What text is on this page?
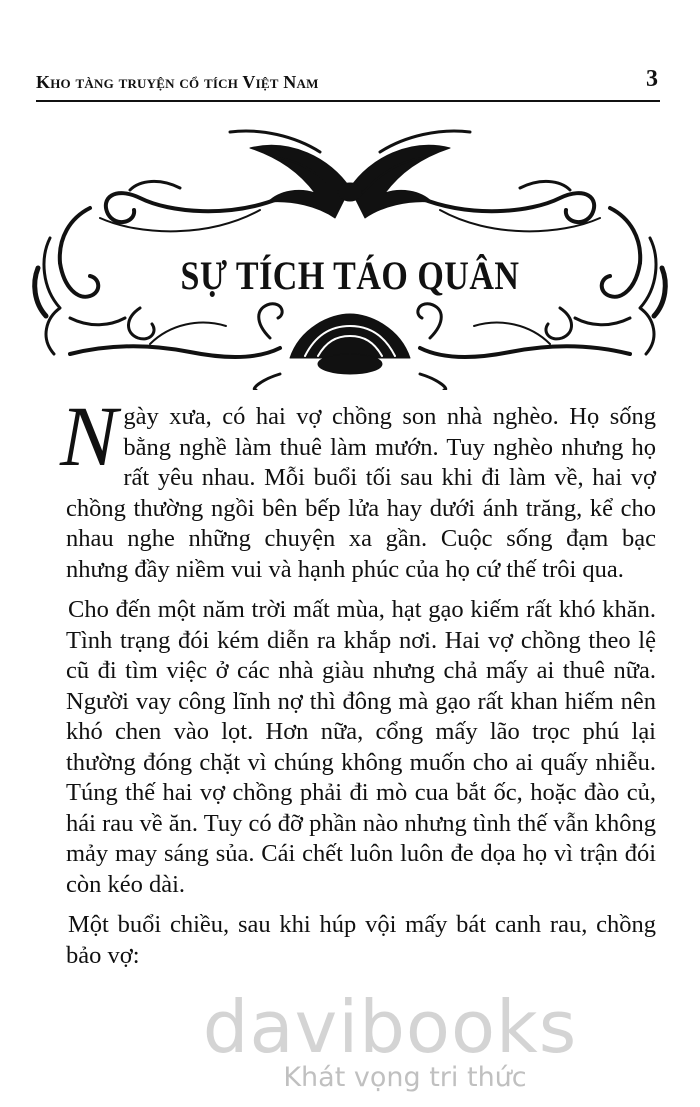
Kho tàng truyện cổ tích Việt Nam	3
SỰ TÍCH TÁO QUÂN

Ngày xưa, có hai vợ chồng son nhà nghèo. Họ sống bằng nghề làm thuê làm mướn. Tuy nghèo nhưng họ rất yêu nhau. Mỗi buổi tối sau khi đi làm về, hai vợ chồng thường ngồi bên bếp lửa hay dưới ánh trăng, kể cho nhau nghe những chuyện xa gần. Cuộc sống đạm bạc nhưng đầy niềm vui và hạnh phúc của họ cứ thế trôi qua.

Cho đến một năm trời mất mùa, hạt gạo kiếm rất khó khăn. Tình trạng đói kém diễn ra khắp nơi. Hai vợ chồng theo lệ cũ đi tìm việc ở các nhà giàu nhưng chả mấy ai thuê nữa. Người vay công lĩnh nợ thì đông mà gạo rất khan hiếm nên khó chen vào lọt. Hơn nữa, cổng mấy lão trọc phú lại thường đóng chặt vì chúng không muốn cho ai quấy nhiễu. Túng thế hai vợ chồng phải đi mò cua bắt ốc, hoặc đào củ, hái rau về ăn. Tuy có đỡ phần nào nhưng tình thế vẫn không mảy may sáng sủa. Cái chết luôn luôn đe dọa họ vì trận đói còn kéo dài.

Một buổi chiều, sau khi húp vội mấy bát canh rau, chồng bảo vợ:

davibooks
Khát vọng tri thức
